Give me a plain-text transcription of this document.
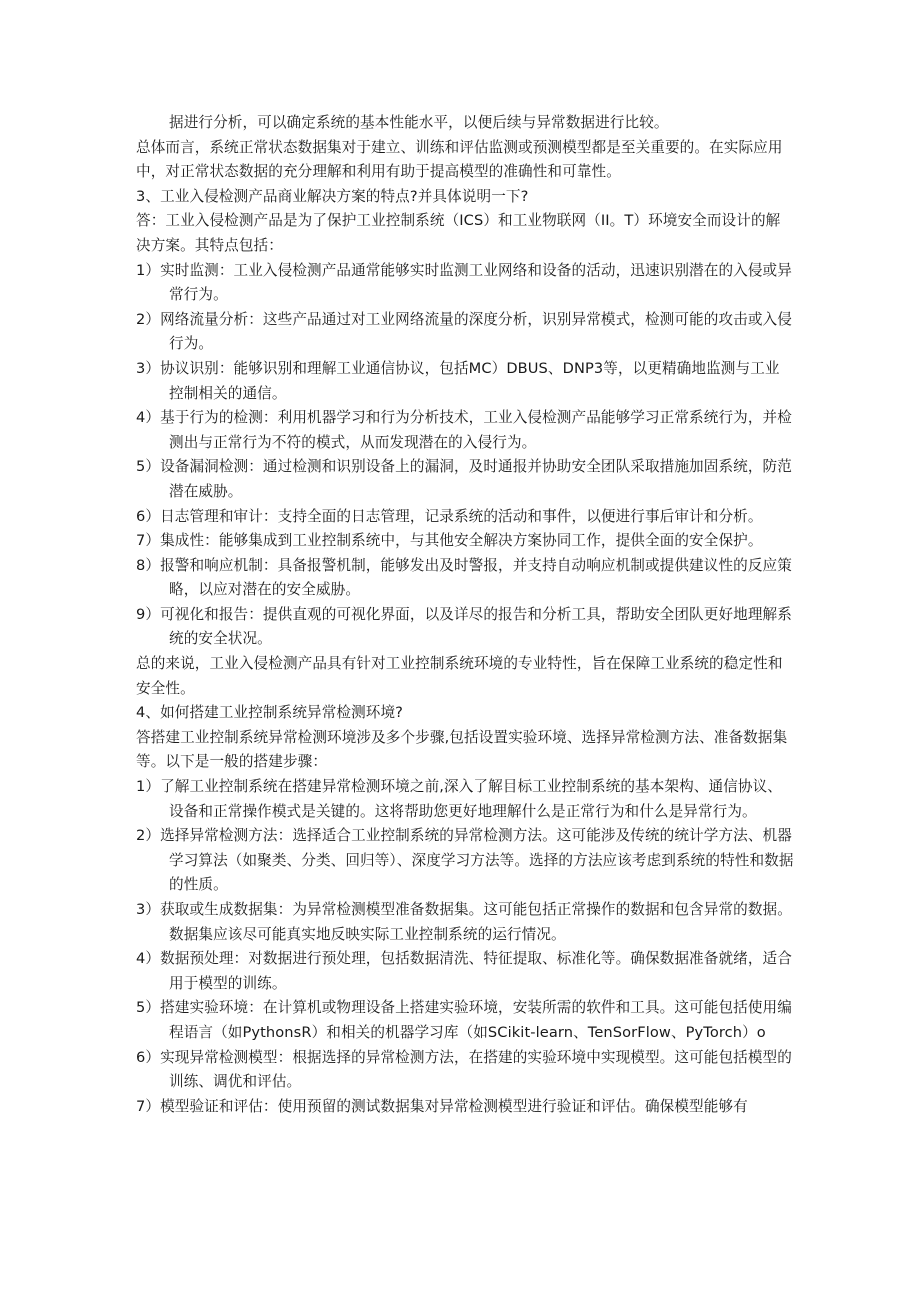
据进行分析，可以确定系统的基本性能水平，以便后续与异常数据进行比较。

总体而言，系统正常状态数据集对于建立、训练和评估监测或预测模型都是至关重要的。在实际应用中，对正常状态数据的充分理解和利用有助于提高模型的准确性和可靠性。

3、工业入侵检测产品商业解决方案的特点?并具体说明一下?

答：工业入侵检测产品是为了保护工业控制系统（ICS）和工业物联网（II。T）环境安全而设计的解决方案。其特点包括：

1）实时监测：工业入侵检测产品通常能够实时监测工业网络和设备的活动，迅速识别潜在的入侵或异常行为。

2）网络流量分析：这些产品通过对工业网络流量的深度分析，识别异常模式，检测可能的攻击或入侵行为。

3）协议识别：能够识别和理解工业通信协议，包括MC）DBUS、DNP3等，以更精确地监测与工业控制相关的通信。

4）基于行为的检测：利用机器学习和行为分析技术，工业入侵检测产品能够学习正常系统行为，并检测出与正常行为不符的模式，从而发现潜在的入侵行为。

5）设备漏洞检测：通过检测和识别设备上的漏洞，及时通报并协助安全团队采取措施加固系统，防范潜在威胁。

6）日志管理和审计：支持全面的日志管理，记录系统的活动和事件，以便进行事后审计和分析。

7）集成性：能够集成到工业控制系统中，与其他安全解决方案协同工作，提供全面的安全保护。

8）报警和响应机制：具备报警机制，能够发出及时警报，并支持自动响应机制或提供建议性的反应策略，以应对潜在的安全威胁。

9）可视化和报告：提供直观的可视化界面，以及详尽的报告和分析工具，帮助安全团队更好地理解系统的安全状况。

总的来说，工业入侵检测产品具有针对工业控制系统环境的专业特性，旨在保障工业系统的稳定性和安全性。

4、如何搭建工业控制系统异常检测环境?

答搭建工业控制系统异常检测环境涉及多个步骤,包括设置实验环境、选择异常检测方法、准备数据集等。以下是一般的搭建步骤：

1）了解工业控制系统在搭建异常检测环境之前,深入了解目标工业控制系统的基本架构、通信协议、设备和正常操作模式是关键的。这将帮助您更好地理解什么是正常行为和什么是异常行为。

2）选择异常检测方法：选择适合工业控制系统的异常检测方法。这可能涉及传统的统计学方法、机器学习算法（如聚类、分类、回归等）、深度学习方法等。选择的方法应该考虑到系统的特性和数据的性质。

3）获取或生成数据集：为异常检测模型准备数据集。这可能包括正常操作的数据和包含异常的数据。数据集应该尽可能真实地反映实际工业控制系统的运行情况。

4）数据预处理：对数据进行预处理，包括数据清洗、特征提取、标准化等。确保数据准备就绪，适合用于模型的训练。

5）搭建实验环境：在计算机或物理设备上搭建实验环境，安装所需的软件和工具。这可能包括使用编程语言（如PythonsR）和相关的机器学习库（如SCikit-learn、TenSorFlow、PyTorch）o

6）实现异常检测模型：根据选择的异常检测方法，在搭建的实验环境中实现模型。这可能包括模型的训练、调优和评估。

7）模型验证和评估：使用预留的测试数据集对异常检测模型进行验证和评估。确保模型能够有
